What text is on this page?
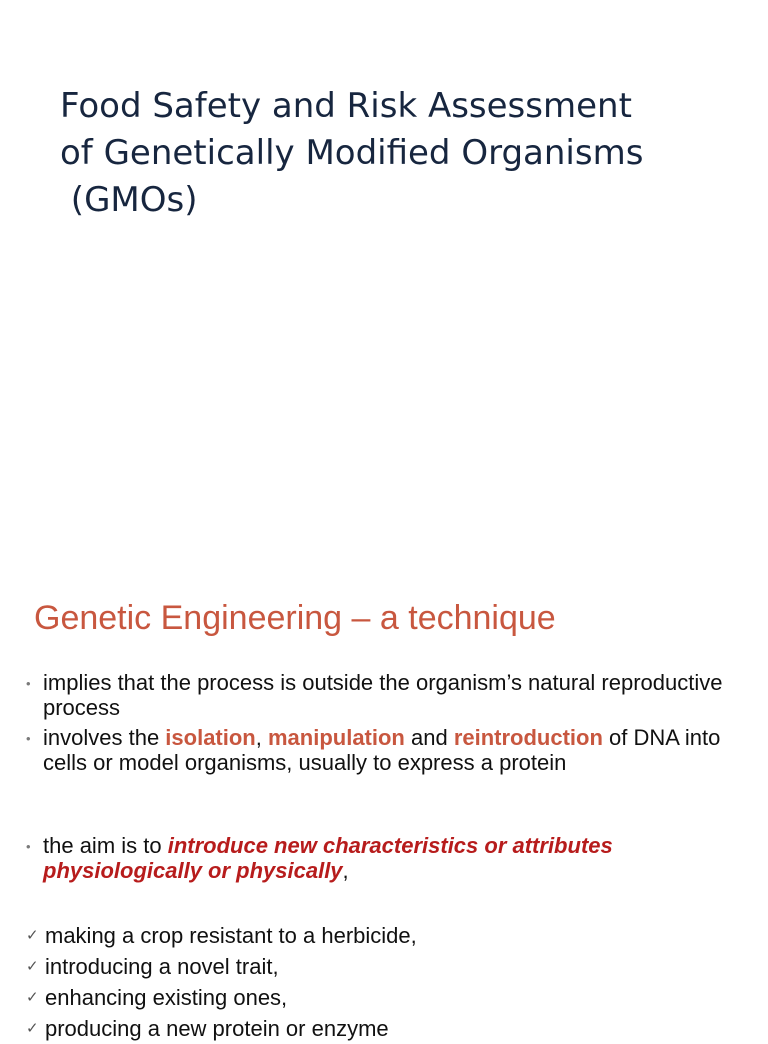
Food Safety and Risk Assessment
of Genetically Modified Organisms
(GMOs)
Genetic Engineering – a technique
• implies that the process is outside the organism’s natural reproductive process
• involves the isolation, manipulation and reintroduction of DNA into cells or model organisms, usually to express a protein
• the aim is to introduce new characteristics or attributes physiologically or physically,
✓ making a crop resistant to a herbicide,
✓ introducing a novel trait,
✓ enhancing existing ones,
✓ producing a new protein or enzyme
